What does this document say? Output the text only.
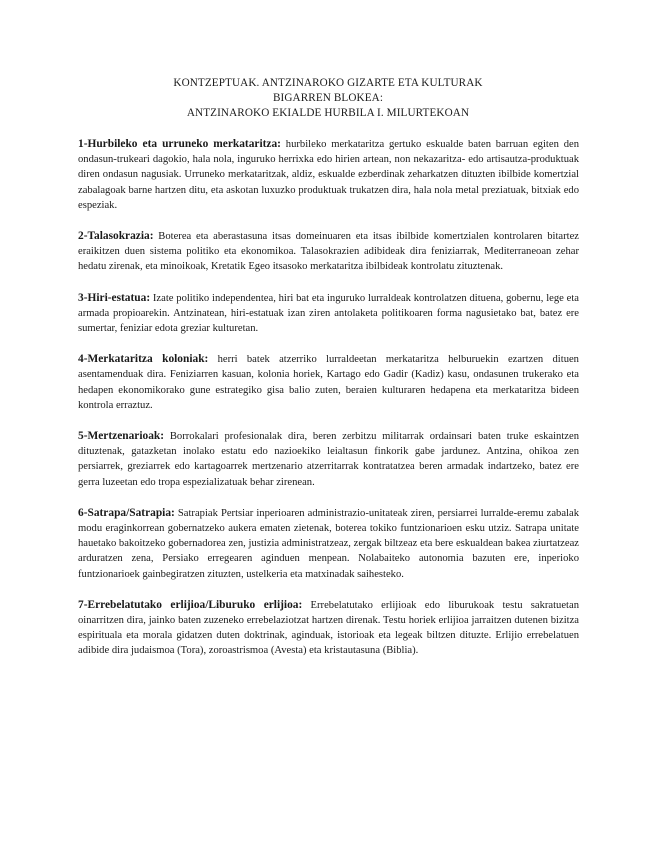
KONTZEPTUAK. ANTZINAROKO GIZARTE ETA KULTURAK
BIGARREN BLOKEA:
ANTZINAROKO EKIALDE HURBILA I. MILURTEKOAN

1-Hurbileko eta urruneko merkataritza: hurbileko merkataritza gertuko eskualde baten barruan egiten den ondasun-trukeari dagokio, hala nola, inguruko herrixka edo hirien artean, non nekazaritza- edo artisautza-produktuak diren ondasun nagusiak. Urruneko merkataritzak, aldiz, eskualde ezberdinak zeharkatzen dituzten ibilbide komertzial zabalagoak barne hartzen ditu, eta askotan luxuzko produktuak trukatzen dira, hala nola metal preziatuak, bitxiak edo espeziak.

2-Talasokrazia: Boterea eta aberastasuna itsas domeinuaren eta itsas ibilbide komertzialen kontrolaren bitartez eraikitzen duen sistema politiko eta ekonomikoa. Talasokrazien adibideak dira feniziarrak, Mediterraneoan zehar hedatu zirenak, eta minoikoak, Kretatik Egeo itsasoko merkataritza ibilbideak kontrolatu zituztenak.

3-Hiri-estatua: Izate politiko independentea, hiri bat eta inguruko lurraldeak kontrolatzen dituena, gobernu, lege eta armada propioarekin. Antzinatean, hiri-estatuak izan ziren antolaketa politikoaren forma nagusietako bat, batez ere sumertar, feniziar edota greziar kulturetan.

4-Merkataritza koloniak: herri batek atzerriko lurraldeetan merkataritza helburuekin ezartzen dituen asentamenduak dira. Feniziarren kasuan, kolonia horiek, Kartago edo Gadir (Kadiz) kasu, ondasunen trukerako eta hedapen ekonomikorako gune estrategiko gisa balio zuten, beraien kulturaren hedapena eta merkataritza bideen kontrola erraztuz.

5-Mertzenarioak: Borrokalari profesionalak dira, beren zerbitzu militarrak ordainsari baten truke eskaintzen dituztenak, gatazketan inolako estatu edo nazioekiko leialtasun finkorik gabe jardunez. Antzina, ohikoa zen persiarrek, greziarrek edo kartagoarrek mertzenario atzerritarrak kontratatzea beren armadak indartzeko, batez ere gerra luzeetan edo tropa espezializatuak behar zirenean.

6-Satrapa/Satrapia: Satrapiak Pertsiar inperioaren administrazio-unitateak ziren, persiarrei lurralde-eremu zabalak modu eraginkorrean gobernatzeko aukera ematen zietenak, boterea tokiko funtzionarioen esku utziz. Satrapa unitate hauetako bakoitzeko gobernadorea zen, justizia administratzeaz, zergak biltzeaz eta bere eskualdean bakea ziurtatzeaz arduratzen zena, Persiako erregearen aginduen menpean. Nolabaiteko autonomia bazuten ere, inperioko funtzionarioek gainbegiratzen zituzten, ustelkeria eta matxinadak saihesteko.

7-Errebelatutako erlijioa/Liburuko erlijioa: Errebelatutako erlijioak edo liburukoak testu sakratuetan oinarritzen dira, jainko baten zuzeneko errebelaziotzat hartzen direnak. Testu horiek erlijioa jarraitzen dutenen bizitza espirituala eta morala gidatzen duten doktrinak, aginduak, istorioak eta legeak biltzen dituzte. Erlijio errebelatuen adibide dira judaismoa (Tora), zoroastrismoa (Avesta) eta kristautasuna (Biblia).
